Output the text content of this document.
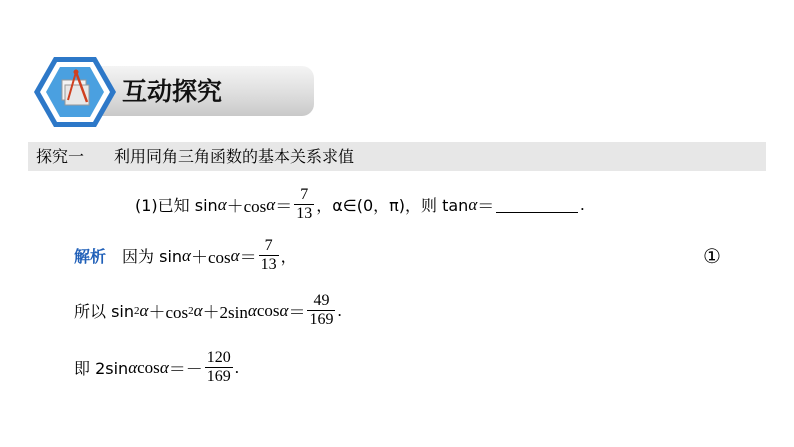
互动探究
探究一 利用同角三角函数的基本关系求值
(1)已知 sin α ＋cos $\alpha = \frac{7}{13}$ ，α∈(0，π)，则 tan α ＝	.
解析 因为 sin α ＋cos $\alpha = \frac{7}{13}$ ，	①
所以 sin 2 α ＋cos 2 α ＋2sin α $\cos \alpha = \frac{49}{169}$ .
即 2sin α $\cos \alpha =- \frac{120}{169}$ .
